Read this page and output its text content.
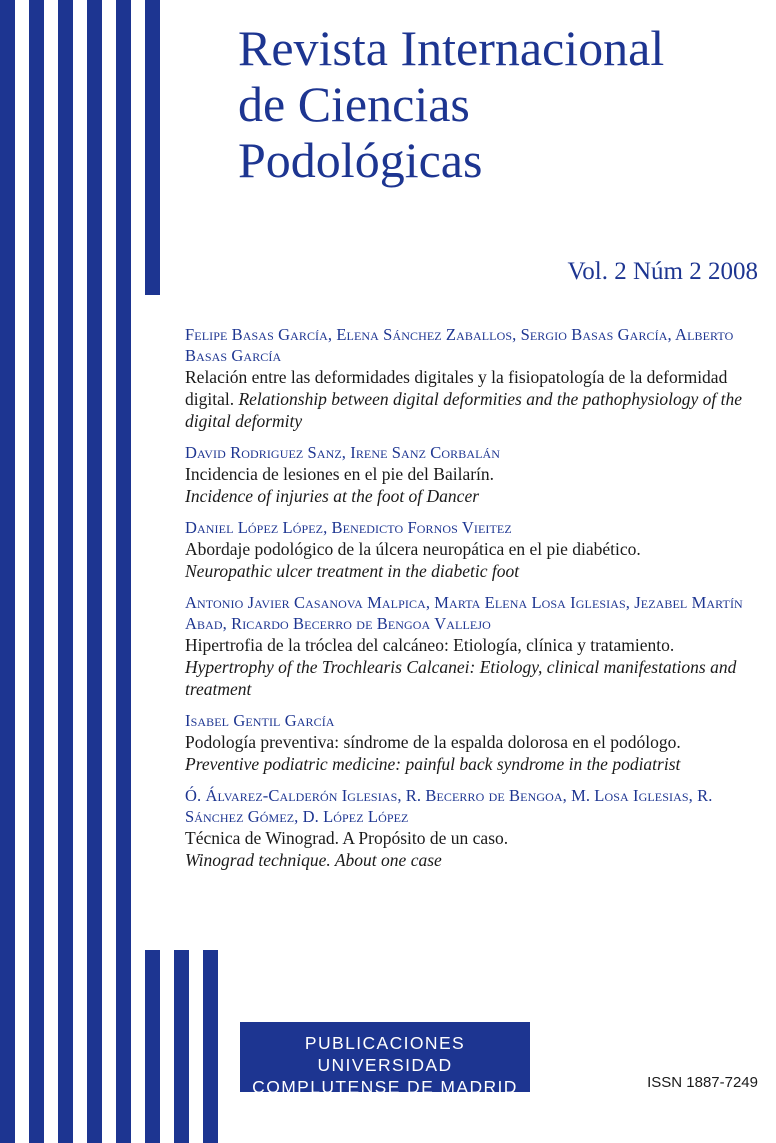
Revista Internacional
de Ciencias
Podológicas
Vol. 2 Núm 2 2008
Felipe Basas García, Elena Sánchez Zaballos, Sergio Basas García, Alberto Basas García
Relación entre las deformidades digitales y la fisiopatología de la deformidad digital. Relationship between digital deformities and the pathophysiology of the digital deformity
David Rodriguez Sanz, Irene Sanz Corbalán
Incidencia de lesiones en el pie del Bailarín.
Incidence of injuries at the foot of Dancer
Daniel López López, Benedicto Fornos Vieitez
Abordaje podológico de la úlcera neuropática en el pie diabético.
Neuropathic ulcer treatment in the diabetic foot
Antonio Javier Casanova Malpica, Marta Elena Losa Iglesias, Jezabel Martín Abad, Ricardo Becerro de Bengoa Vallejo
Hipertrofia de la tróclea del calcáneo: Etiología, clínica y tratamiento.
Hypertrophy of the Trochlearis Calcanei: Etiology, clinical manifestations and treatment
Isabel Gentil García
Podología preventiva: síndrome de la espalda dolorosa en el podólogo.
Preventive podiatric medicine: painful back syndrome in the podiatrist
Ó. Álvarez-Calderón Iglesias, R. Becerro de Bengoa, M. Losa Iglesias, R. Sánchez Gómez, D. López López
Técnica de Winograd. A Propósito de un caso.
Winograd technique. About one case
PUBLICACIONES UNIVERSIDAD
COMPLUTENSE DE MADRID	ISSN 1887-7249
